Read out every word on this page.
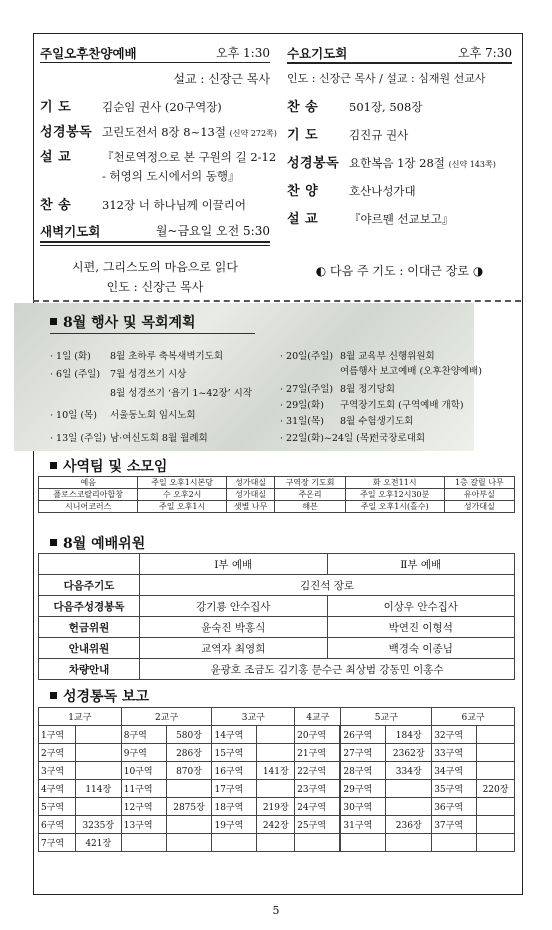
주일오후찬양예배	오후 1:30
설교 : 신장근 목사
기 도	김순임 권사 (20구역장)
성경봉독 고린도전서 8장 8~13절 (신약 272쪽)
설 교	『천로역정으로 본 구원의 길 2-12
- 허영의 도시에서의 동행』
찬 송	312장 너 하나님께 이끌리어
새벽기도회	월~금요일 오전 5:30
시편, 그리스도의 마음으로 읽다
인도 : 신장근 목사
수요기도회	오후 7:30
인도 : 신장근 목사 / 설교 : 심재원 선교사
찬 송	501장, 508장
기 도	김진규 권사
성경봉독 요한복음 1장 28절 (신약 143쪽)
찬 양	호산나성가대
설 교	『야르뭰 선교보고』
◐ 다음 주 기도 : 이대근 장로 ◑
8월 행사 및 목회계획
· 1일 (화) 8월 초하루 축복새벽기도회
· 6일 (주일) 7월 성경쓰기 시상
8월 성경쓰기 ‘욥기 1~42장’ 시작
· 10일 (목) 서울동노회 임시노회
· 13일 (주일) 남·여신도회 8월 월례회
· 20일(주일) 8월 교육부 신행위원회
여름행사 보고예배 (오후찬양예배)
· 27일(주일) 8월 정기당회
· 29일(화) 구역장기도회 (구역예배 개학)
· 31일(목) 8월 수험생기도회
· 22일(화)~24일 (목)전국장로대회
사역팀 및 소모임
예음	주일 오후1시본당	성가대실	구역장 기도회	화 오전11시	1층 갈릴 나무
플로스코랄리아합창	수 오후2시	성가대실	주온리	주일 오후12시30분	유아부실
시니어코러스	주일 오후1시	샛별 나무	해븐	주일 오후1시(홀수)	성가대실
8월 예배위원
	Ⅰ부 예배	Ⅱ부 예배
다음주기도	김진석 장로	
다음주성경봉독	강기룡 안수집사	이상우 안수집사
헌금위원	윤숙진 박홍식	박연진 이형석
안내위원	교역자 최영희	백경숙 이종님
차량안내	윤광호 조금도 김기홍 문수근 최상범 강동민 이홍수	
성경통독 보고
1교구		2교구		3교구		4교구	5교구		6교구	
1구역		8구역	580장	14구역		20구역		26구역	184장	32구역	
2구역		9구역	286장	15구역		21구역		27구역	2362장	33구역	
3구역		10구역	870장	16구역	141장	22구역		28구역	334장	34구역	
4구역	114장	11구역		17구역		23구역		29구역		35구역	220장
5구역		12구역	2875장	18구역	219장	24구역		30구역		36구역	
6구역	3235장	13구역		19구역	242장	25구역		31구역	236장	37구역	
7구역	421장										
5
